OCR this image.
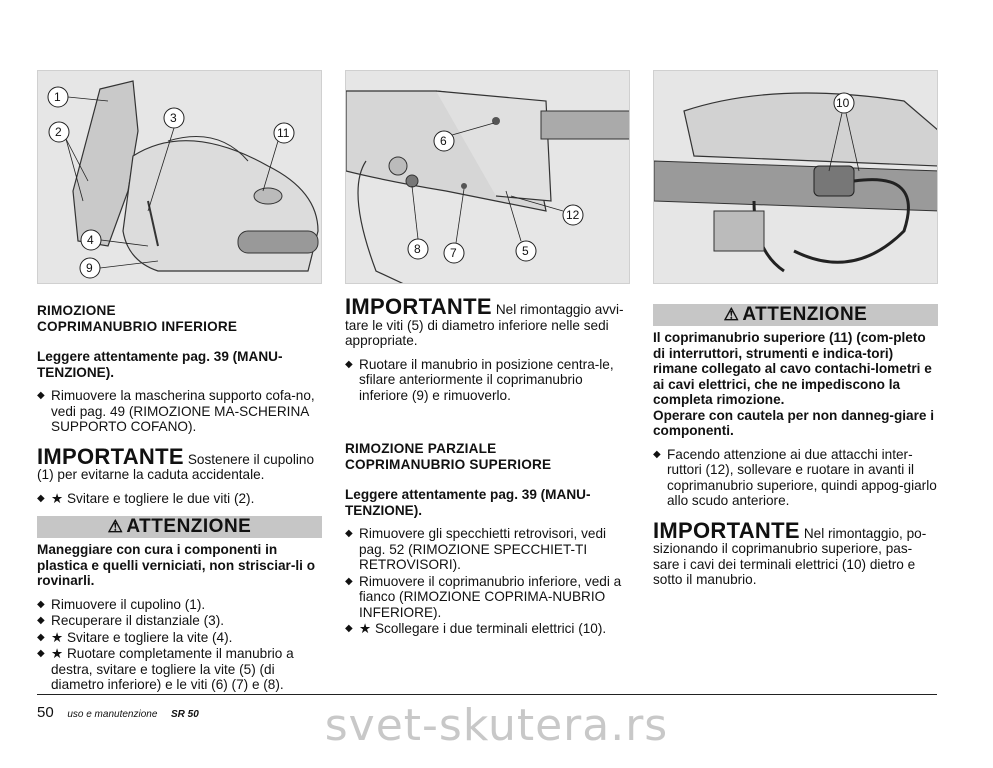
1
2
3
11
4
9
6
12
8 7	5
10
RIMOZIONE
COPRIMANUBRIO INFERIORE
Leggere attentamente pag. 39 (MANU-TENZIONE).
◆ Rimuovere la mascherina supporto cofa-no, vedi pag. 49 (RIMOZIONE MA-SCHERINA SUPPORTO COFANO).
IMPORTANTE Sostenere il cupolino (1) per evitarne la caduta accidentale.
◆ ★ Svitare e togliere le due viti (2).
⚠ ATTENZIONE
Maneggiare con cura i componenti in plastica e quelli verniciati, non strisciar-li o rovinarli.
◆ Rimuovere il cupolino (1).
◆ Recuperare il distanziale (3).
◆ ★ Svitare e togliere la vite (4).
◆ ★ Ruotare completamente il manubrio a destra, svitare e togliere la vite (5) (di diametro inferiore) e le viti (6) (7) e (8).
IMPORTANTE Nel rimontaggio avvi-tare le viti (5) di diametro inferiore nelle sedi appropriate.
◆ Ruotare il manubrio in posizione centra-le, sfilare anteriormente il coprimanubrio inferiore (9) e rimuoverlo.
RIMOZIONE PARZIALE
COPRIMANUBRIO SUPERIORE
Leggere attentamente pag. 39 (MANU-TENZIONE).
◆ Rimuovere gli specchietti retrovisori, vedi pag. 52 (RIMOZIONE SPECCHIET-TI RETROVISORI).
◆ Rimuovere il coprimanubrio inferiore, vedi a fianco (RIMOZIONE COPRIMA-NUBRIO INFERIORE).
◆ ★ Scollegare i due terminali elettrici (10).
⚠ ATTENZIONE
Il coprimanubrio superiore (11) (com-pleto di interruttori, strumenti e indica-tori) rimane collegato al cavo contachi-lometri e ai cavi elettrici, che ne impediscono la completa rimozione.
Operare con cautela per non danneg-giare i componenti.
◆ Facendo attenzione ai due attacchi inter-ruttori (12), sollevare e ruotare in avanti il coprimanubrio superiore, quindi appog-giarlo allo scudo anteriore.
IMPORTANTE Nel rimontaggio, po-sizionando il coprimanubrio superiore, pas-sare i cavi dei terminali elettrici (10) dietro e sotto il manubrio.
50 uso e manutenzione SR 50	svet-skutera.rs
